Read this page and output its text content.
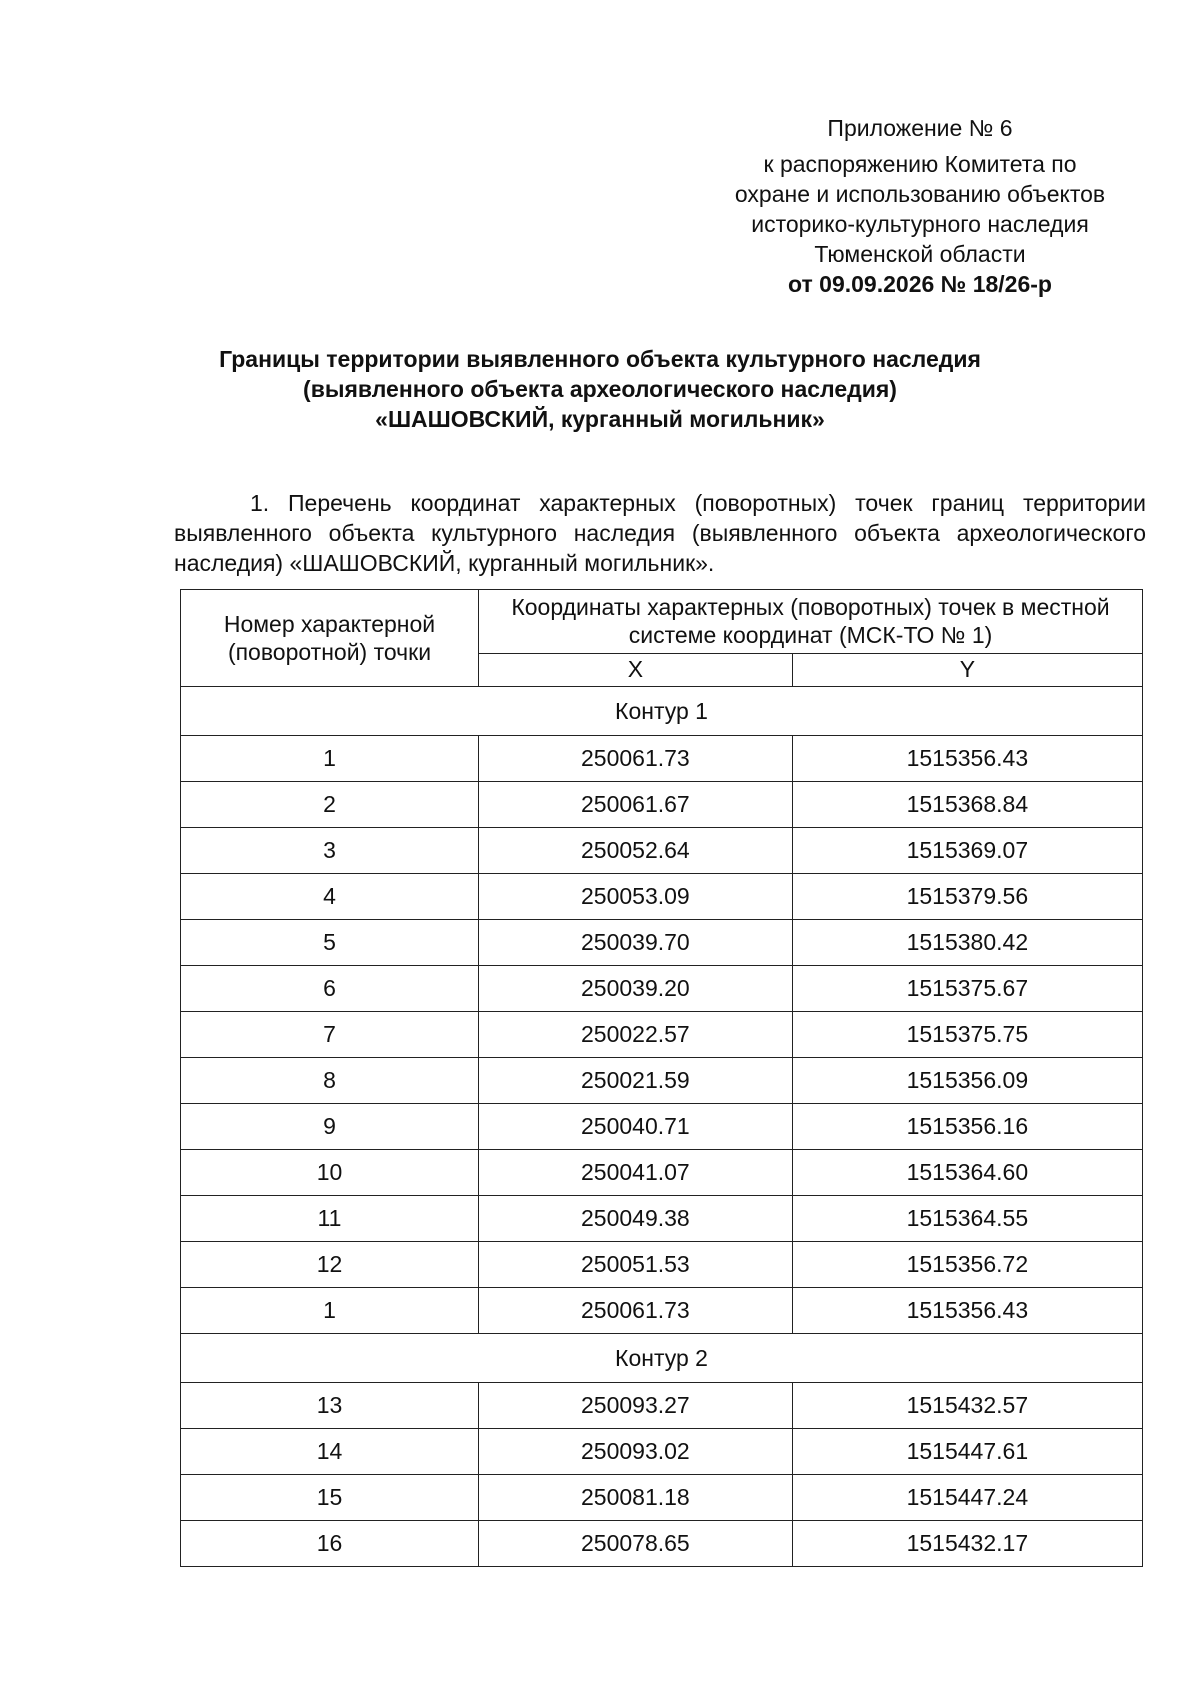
Приложение № 6
к распоряжению Комитета по
охране и использованию объектов
историко-культурного наследия
Тюменской области
от 09.09.2026 № 18/26-р
Границы территории выявленного объекта культурного наследия
(выявленного объекта археологического наследия)
«ШАШОВСКИЙ, курганный могильник»
1. Перечень координат характерных (поворотных) точек границ территории выявленного объекта культурного наследия (выявленного объекта археологического наследия) «ШАШОВСКИЙ, курганный могильник».
Номер характерной (поворотной) точки	Координаты характерных (поворотных) точек в местной системе координат (МСК-ТО № 1)	
	X	Y
Контур 1		
1	250061.73	1515356.43
2	250061.67	1515368.84
3	250052.64	1515369.07
4	250053.09	1515379.56
5	250039.70	1515380.42
6	250039.20	1515375.67
7	250022.57	1515375.75
8	250021.59	1515356.09
9	250040.71	1515356.16
10	250041.07	1515364.60
11	250049.38	1515364.55
12	250051.53	1515356.72
1	250061.73	1515356.43
Контур 2		
13	250093.27	1515432.57
14	250093.02	1515447.61
15	250081.18	1515447.24
16	250078.65	1515432.17
